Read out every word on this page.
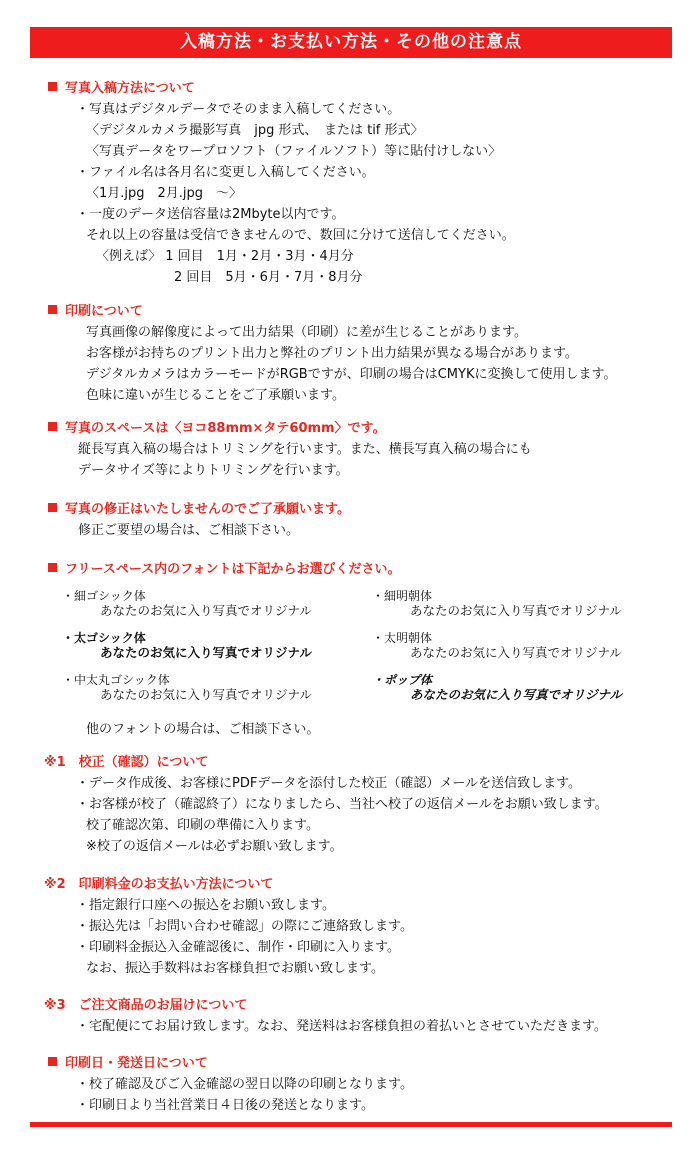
入稿方法・お支払い方法・その他の注意点
写真入稿方法について
・写真はデジタルデータでそのまま入稿してください。
〈デジタルカメラ撮影写真　jpg 形式、　または tif 形式〉
〈写真データをワープロソフト（ファイルソフト）等に貼付けしない〉
・ファイル名は各月名に変更し入稿してください。
〈1月.jpg　2月.jpg　～〉
・一度のデータ送信容量は2Mbyte以内です。
それ以上の容量は受信できませんので、数回に分けて送信してください。
〈例えば〉 1 回目　1月・2月・3月・4月分
2 回目　5月・6月・7月・8月分
印刷について
写真画像の解像度によって出力結果（印刷）に差が生じることがあります。
お客様がお持ちのプリント出力と弊社のプリント出力結果が異なる場合があります。
デジタルカメラはカラーモードがRGBですが、印刷の場合はCMYKに変換して使用します。
色味に違いが生じることをご了承願います。
写真のスペースは〈ヨコ88mm×タテ60mm〉です。
縦長写真入稿の場合はトリミングを行います。また、横長写真入稿の場合にも
データサイズ等によりトリミングを行います。
写真の修正はいたしませんのでご了承願います。
修正ご要望の場合は、ご相談下さい。
フリースペース内のフォントは下記からお選びください。
・細ゴシック体
あなたのお気に入り写真でオリジナル
・細明朝体
あなたのお気に入り写真でオリジナル
・太ゴシック体
あなたのお気に入り写真でオリジナル
・太明朝体
あなたのお気に入り写真でオリジナル
・中太丸ゴシック体
あなたのお気に入り写真でオリジナル
・ポップ体
あなたのお気に入り写真でオリジナル
他のフォントの場合は、ご相談下さい。
※1　校正（確認）について
・データ作成後、お客様にPDFデータを添付した校正（確認）メールを送信致します。
・お客様が校了（確認終了）になりましたら、当社へ校了の返信メールをお願い致します。
校了確認次第、印刷の準備に入ります。
※校了の返信メールは必ずお願い致します。
※2　印刷料金のお支払い方法について
・指定銀行口座への振込をお願い致します。
・振込先は「お問い合わせ確認」の際にご連絡致します。
・印刷料金振込入金確認後に、制作・印刷に入ります。
なお、振込手数料はお客様負担でお願い致します。
※3　ご注文商品のお届けについて
・宅配便にてお届け致します。なお、発送料はお客様負担の着払いとさせていただきます。
印刷日・発送日について
・校了確認及びご入金確認の翌日以降の印刷となります。
・印刷日より当社営業日４日後の発送となります。
